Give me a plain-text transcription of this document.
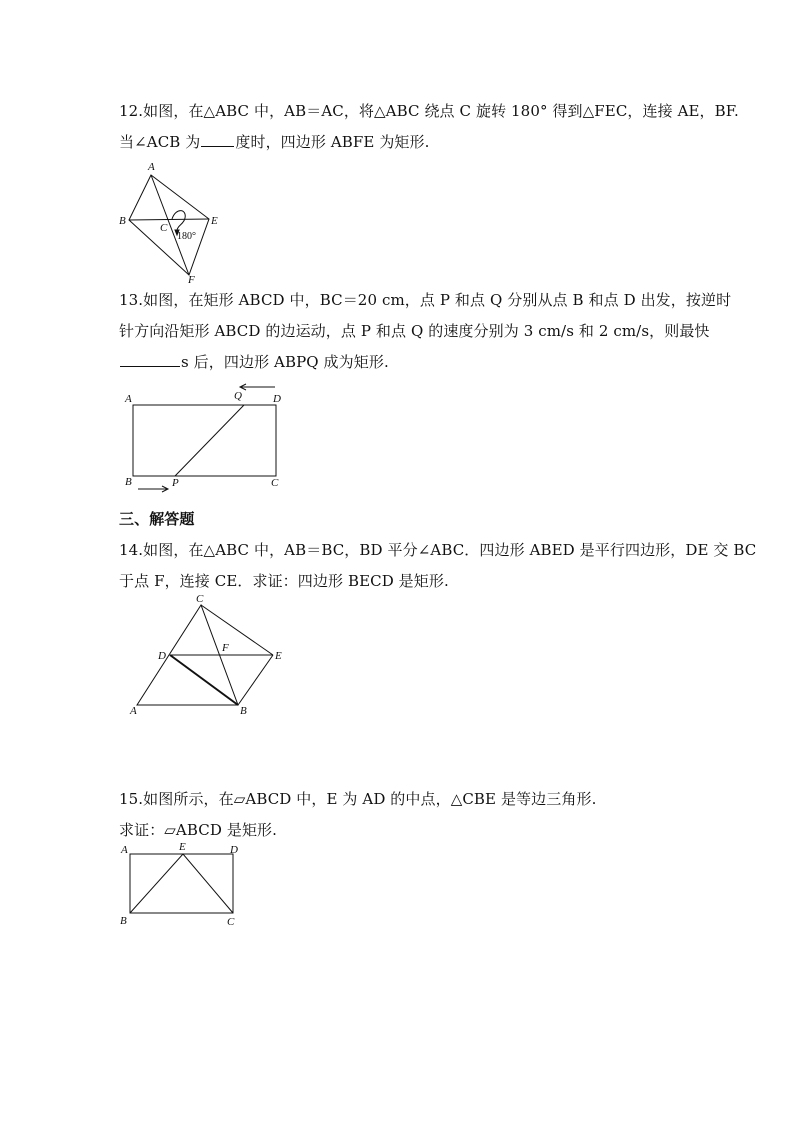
12.如图，在△ABC 中，AB＝AC，将△ABC 绕点 C 旋转 180° 得到△FEC，连接 AE，BF.
当∠ACB 为 度时，四边形 ABFE 为矩形.
A
B
C
E
F
180°
13.如图，在矩形 ABCD 中，BC＝20 cm，点 P 和点 Q 分别从点 B 和点 D 出发，按逆时
针方向沿矩形 ABCD 的边运动，点 P 和点 Q 的速度分别为 3 cm/s 和 2 cm/s，则最快
s 后，四边形 ABPQ 成为矩形.
A	Q	D
B	P	C
三、解答题
14.如图，在△ABC 中，AB＝BC，BD 平分∠ABC．四边形 ABED 是平行四边形，DE 交 BC
于点 F，连接 CE．求证：四边形 BECD 是矩形.
C
D
F
E
A	B
15.如图所示，在▱ABCD 中，E 为 AD 的中点，△CBE 是等边三角形.
求证：▱ABCD 是矩形.
A	E	D
B	C
